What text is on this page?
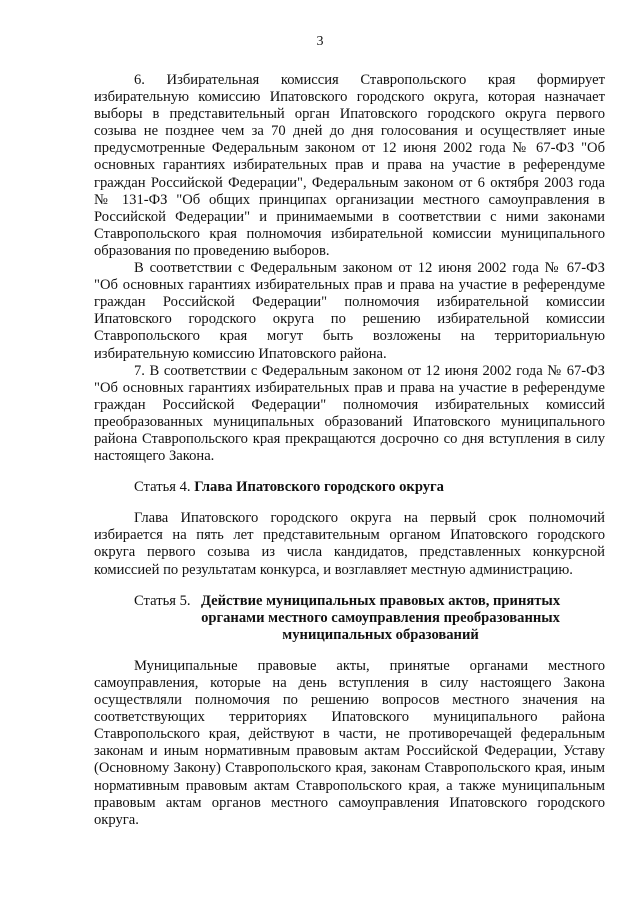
3

6. Избирательная комиссия Ставропольского края формирует избирательную комиссию Ипатовского городского округа, которая назначает выборы в представительный орган Ипатовского городского округа первого созыва не позднее чем за 70 дней до дня голосования и осуществляет иные предусмотренные Федеральным законом от 12 июня 2002 года № 67-ФЗ "Об основных гарантиях избирательных прав и права на участие в референдуме граждан Российской Федерации", Федеральным законом от 6 октября 2003 года № 131-ФЗ "Об общих принципах организации местного самоуправления в Российской Федерации" и принимаемыми в соответствии с ними законами Ставропольского края полномочия избирательной комиссии муниципального образования по проведению выборов.

В соответствии с Федеральным законом от 12 июня 2002 года № 67-ФЗ "Об основных гарантиях избирательных прав и права на участие в референдуме граждан Российской Федерации" полномочия избирательной комиссии Ипатовского городского округа по решению избирательной комиссии Ставропольского края могут быть возложены на территориальную избирательную комиссию Ипатовского района.

7. В соответствии с Федеральным законом от 12 июня 2002 года № 67-ФЗ "Об основных гарантиях избирательных прав и права на участие в референдуме граждан Российской Федерации" полномочия избирательных комиссий преобразованных муниципальных образований Ипатовского муниципального района Ставропольского края прекращаются досрочно со дня вступления в силу настоящего Закона.

Статья 4. Глава Ипатовского городского округа

Глава Ипатовского городского округа на первый срок полномочий избирается на пять лет представительным органом Ипатовского городского округа первого созыва из числа кандидатов, представленных конкурсной комиссией по результатам конкурса, и возглавляет местную администрацию.

Статья 5. Действие муниципальных правовых актов, принятых органами местного самоуправления преобразованных муниципальных образований

Муниципальные правовые акты, принятые органами местного самоуправления, которые на день вступления в силу настоящего Закона осуществляли полномочия по решению вопросов местного значения на соответствующих территориях Ипатовского муниципального района Ставропольского края, действуют в части, не противоречащей федеральным законам и иным нормативным правовым актам Российской Федерации, Уставу (Основному Закону) Ставропольского края, законам Ставропольского края, иным нормативным правовым актам Ставропольского края, а также муниципальным правовым актам органов местного самоуправления Ипатовского городского округа.
